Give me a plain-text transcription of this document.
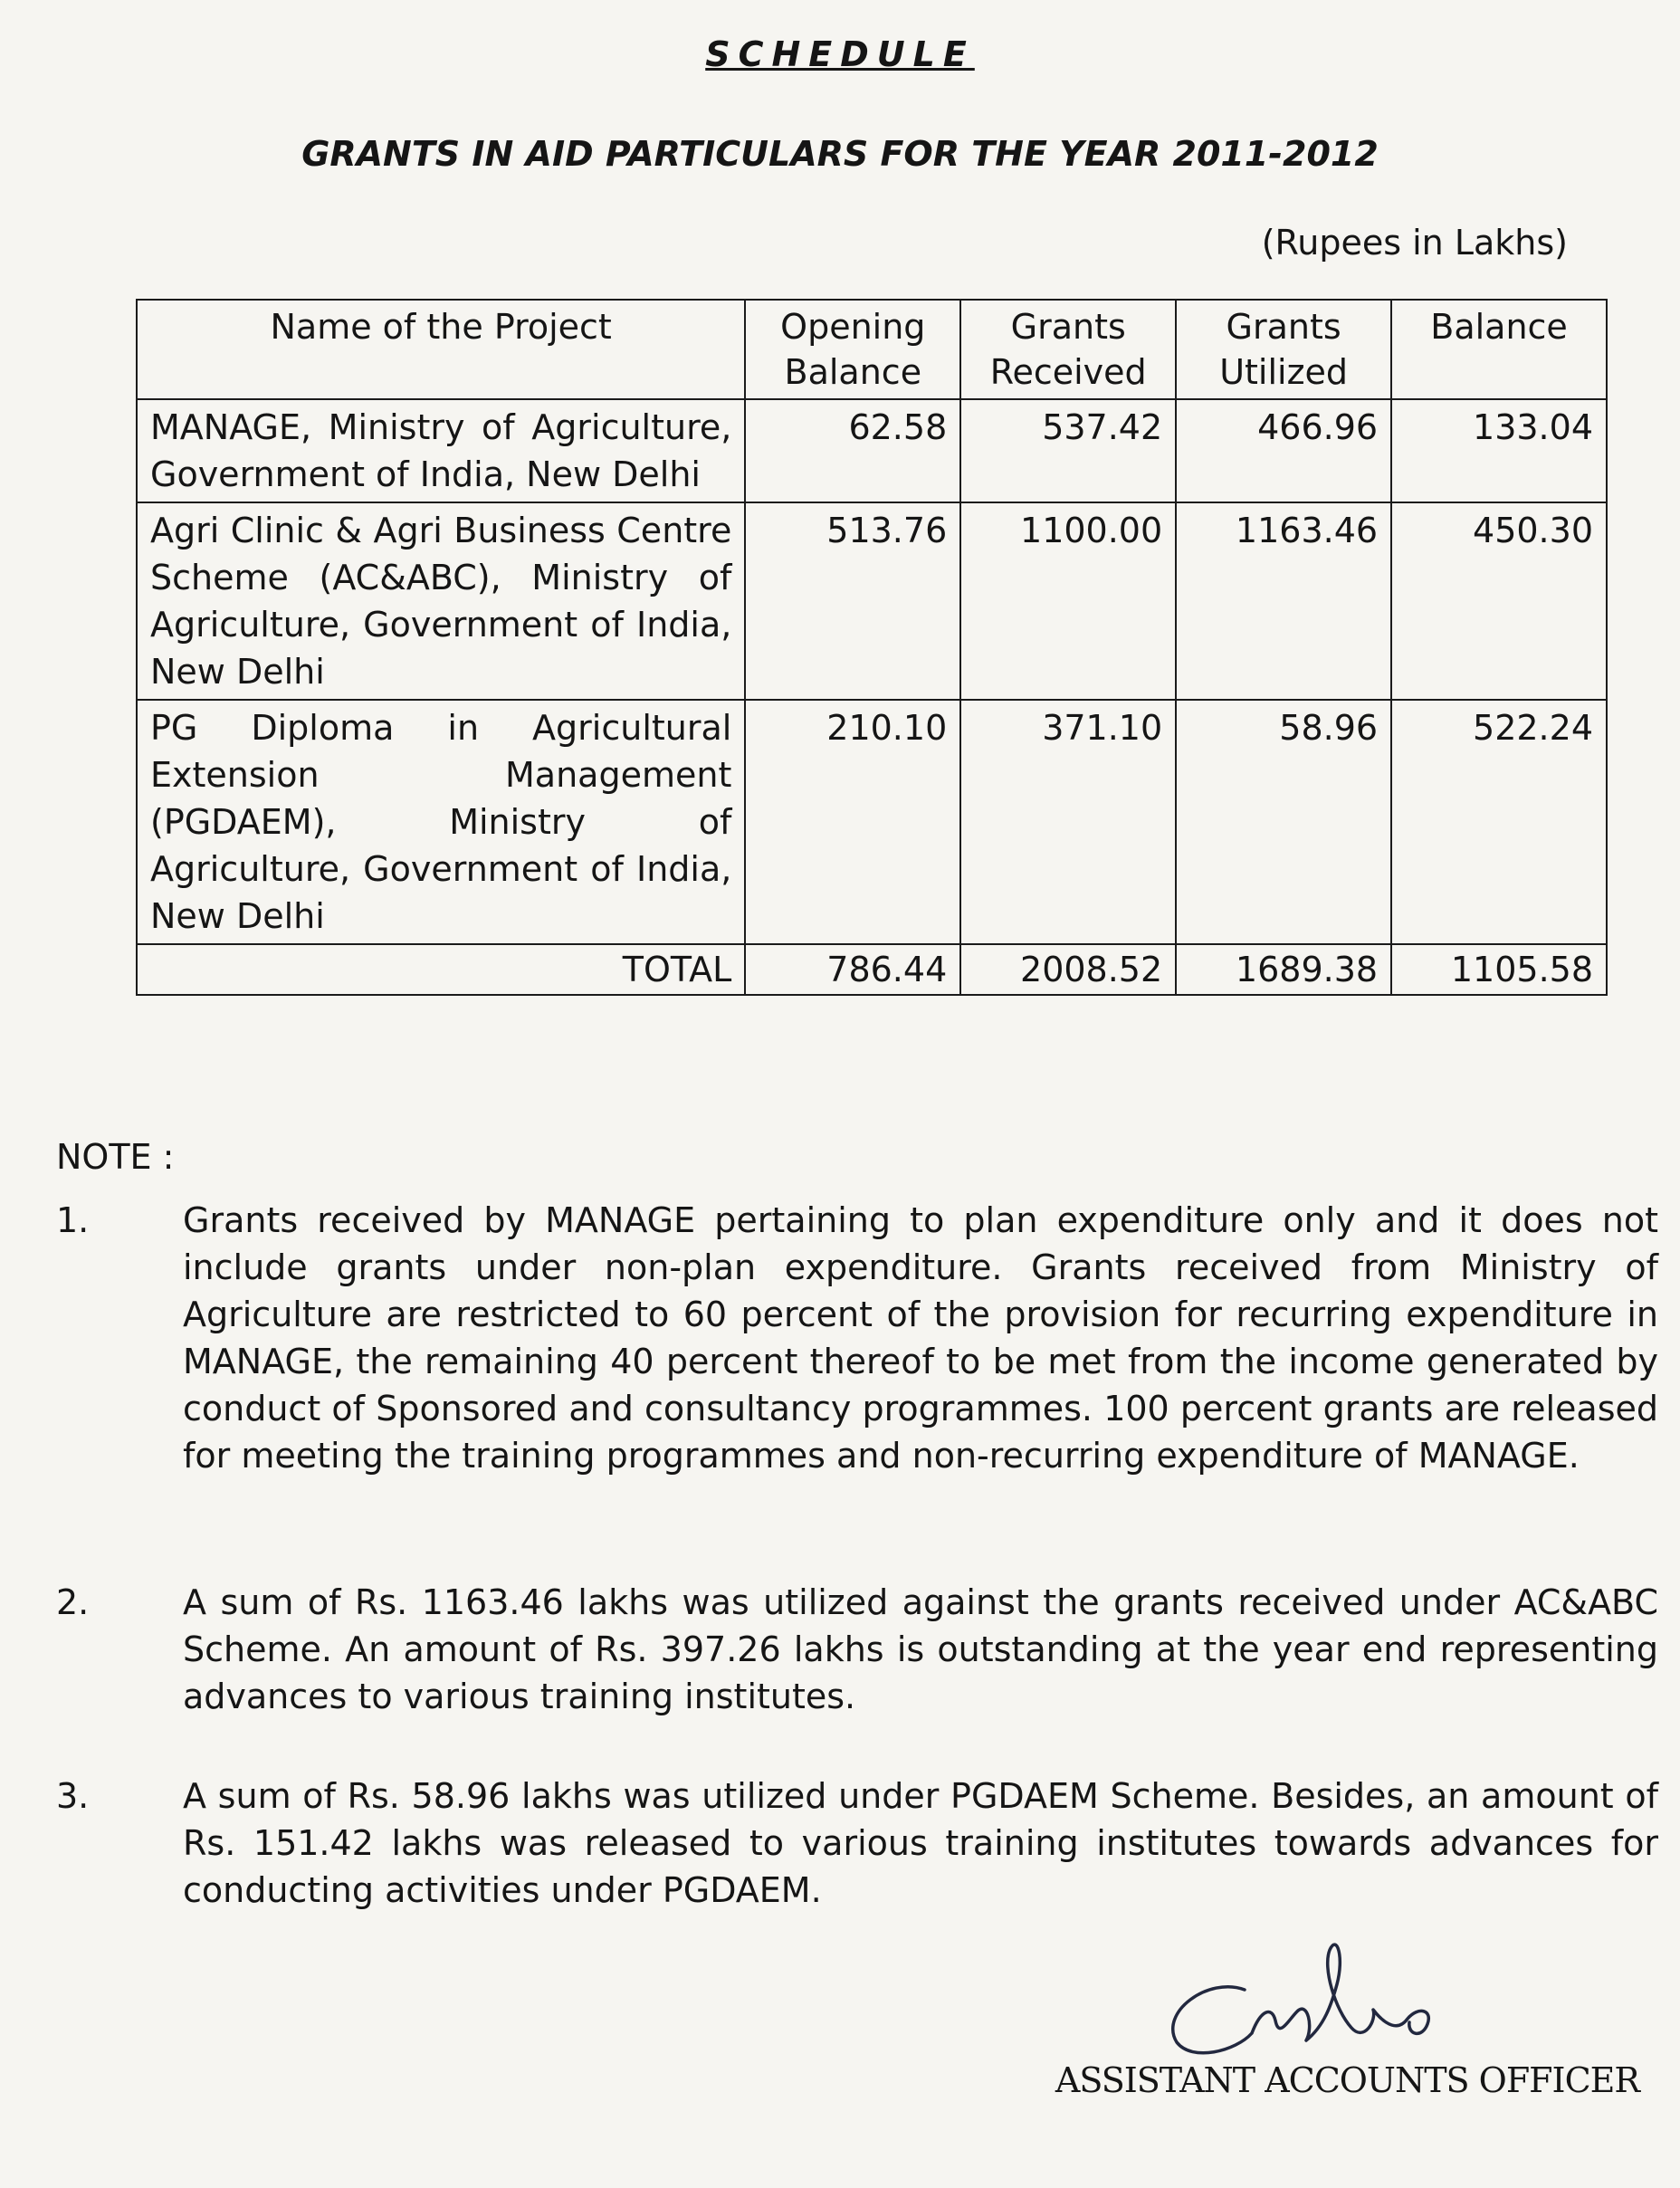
SCHEDULE
GRANTS IN AID PARTICULARS FOR THE YEAR 2011-2012
(Rupees in Lakhs)
Name of the Project	Opening Balance	Grants Received	Grants Utilized	Balance
MANAGE, Ministry of Agriculture, Government of India, New Delhi	62.58	537.42	466.96	133.04
Agri Clinic & Agri Business Centre Scheme (AC&ABC), Ministry of Agriculture, Government of India, New Delhi	513.76	1100.00	1163.46	450.30
PG Diploma in Agricultural Extension Management (PGDAEM), Ministry of Agriculture, Government of India, New Delhi	210.10	371.10	58.96	522.24
TOTAL	786.44	2008.52	1689.38	1105.58
NOTE :
1.	Grants received by MANAGE pertaining to plan expenditure only and it does not include grants under non-plan expenditure. Grants received from Ministry of Agriculture are restricted to 60 percent of the provision for recurring expenditure in MANAGE, the remaining 40 percent thereof to be met from the income generated by conduct of Sponsored and consultancy programmes. 100 percent grants are released for meeting the training programmes and non-recurring expenditure of MANAGE.
2.	A sum of Rs. 1163.46 lakhs was utilized against the grants received under AC&ABC Scheme. An amount of Rs. 397.26 lakhs is outstanding at the year end representing advances to various training institutes.
3.	A sum of Rs. 58.96 lakhs was utilized under PGDAEM Scheme. Besides, an amount of Rs. 151.42 lakhs was released to various training institutes towards advances for conducting activities under PGDAEM.
ASSISTANT ACCOUNTS OFFICER
